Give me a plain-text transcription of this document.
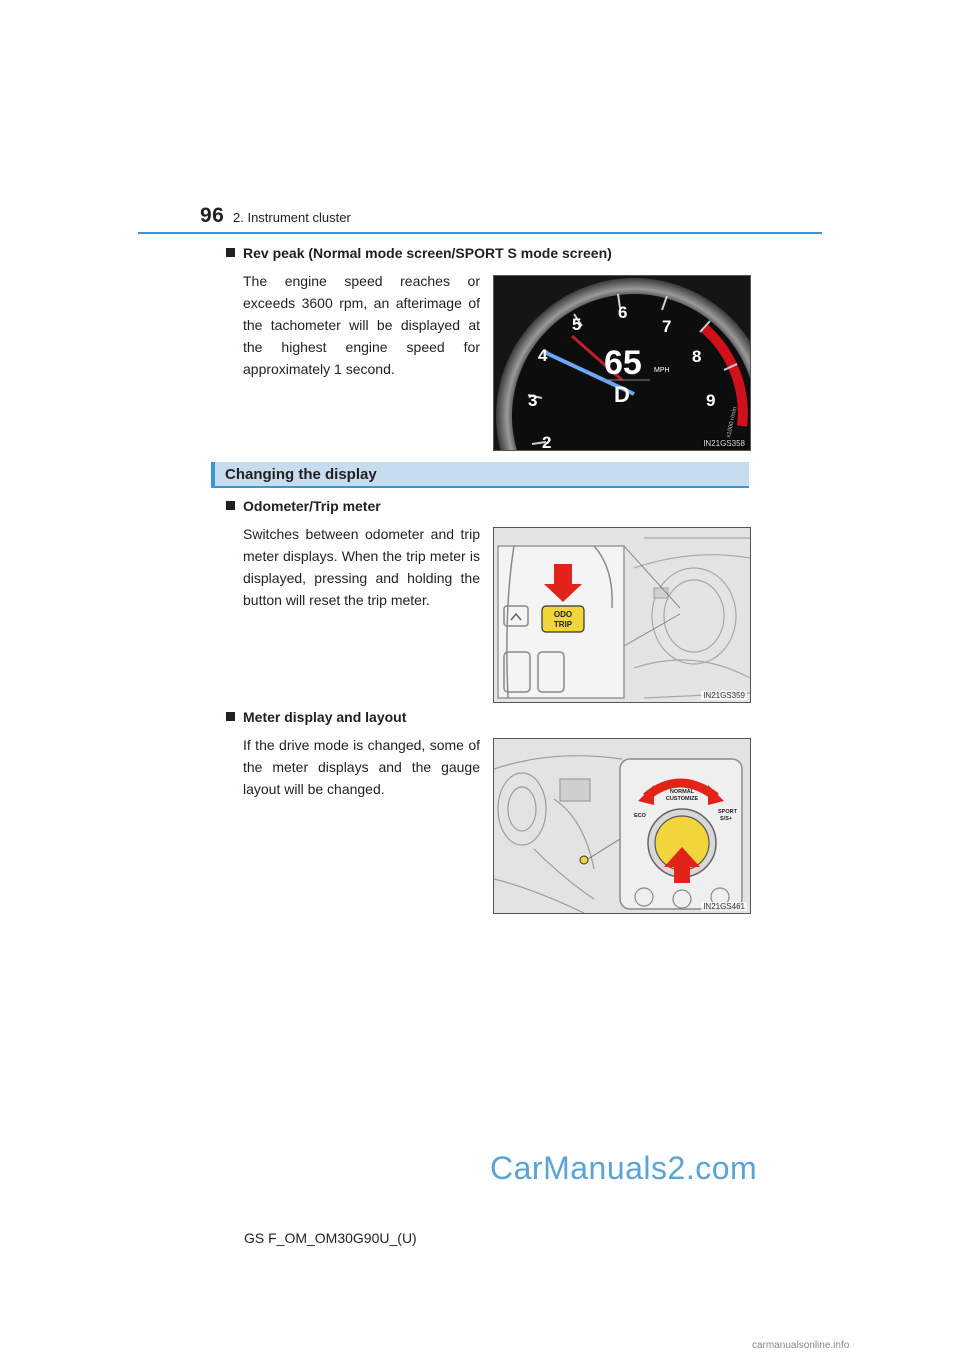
96 2. Instrument cluster
Rev peak (Normal mode screen/SPORT S mode screen)
The engine speed reaches or exceeds 3600 rpm, an afterimage of the tachometer will be displayed at the highest engine speed for approximately 1 second.
2
3
4
5
6
7
8
9
65 MPH
D
x1000 r/min
IN21GS358
Changing the display
Odometer/Trip meter
Switches between odometer and trip meter displays. When the trip meter is displayed, pressing and holding the button will reset the trip meter.
ODO
TRIP
IN21GS359
Meter display and layout
If the drive mode is changed, some of the meter displays and the gauge layout will be changed.	NORMAL
CUSTOMIZE
ECO
SPORT
S/S+
IN21GS461
CarManuals2.com
GS F_OM_OM30G90U_(U)
carmanualsonline.info
